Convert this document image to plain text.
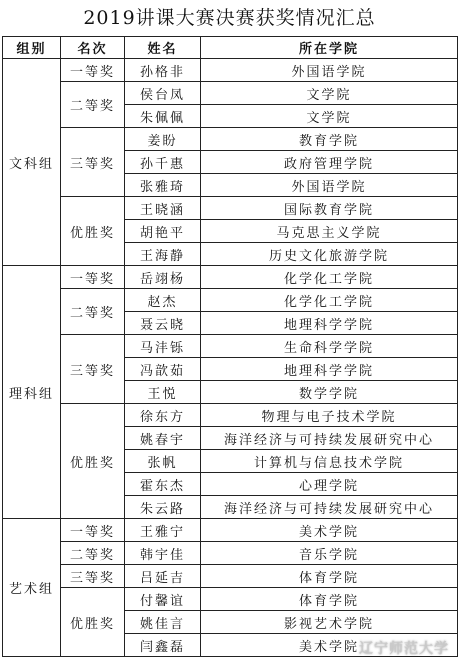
2019讲课大赛决赛获奖情况汇总
组别	名次	姓名	所在学院
文科组	一等奖	孙格非	外国语学院
	二等奖	侯台凤	文学院
		朱佩佩	文学院
	三等奖	姜盼	教育学院
		孙千惠	政府管理学院
		张雅琦	外国语学院
	优胜奖	王晓涵	国际教育学院
		胡艳平	马克思主义学院
		王海静	历史文化旅游学院
理科组	一等奖	岳翊杨	化学化工学院
	二等奖	赵杰	化学化工学院
		聂云晓	地理科学学院
	三等奖	马沣铄	生命科学学院
		冯歆茹	地理科学学院
		王悦	数学学院
	优胜奖	徐东方	物理与电子技术学院
		姚春宇	海洋经济与可持续发展研究中心
		张帆	计算机与信息技术学院
		霍东杰	心理学院
		朱云路	海洋经济与可持续发展研究中心
艺术组	一等奖	王雅宁	美术学院
	二等奖	韩宇佳	音乐学院
	三等奖	吕延吉	体育学院
	优胜奖	付馨谊	体育学院
		姚佳言	影视艺术学院
		闫鑫磊	美术学院 辽宁师范大学
